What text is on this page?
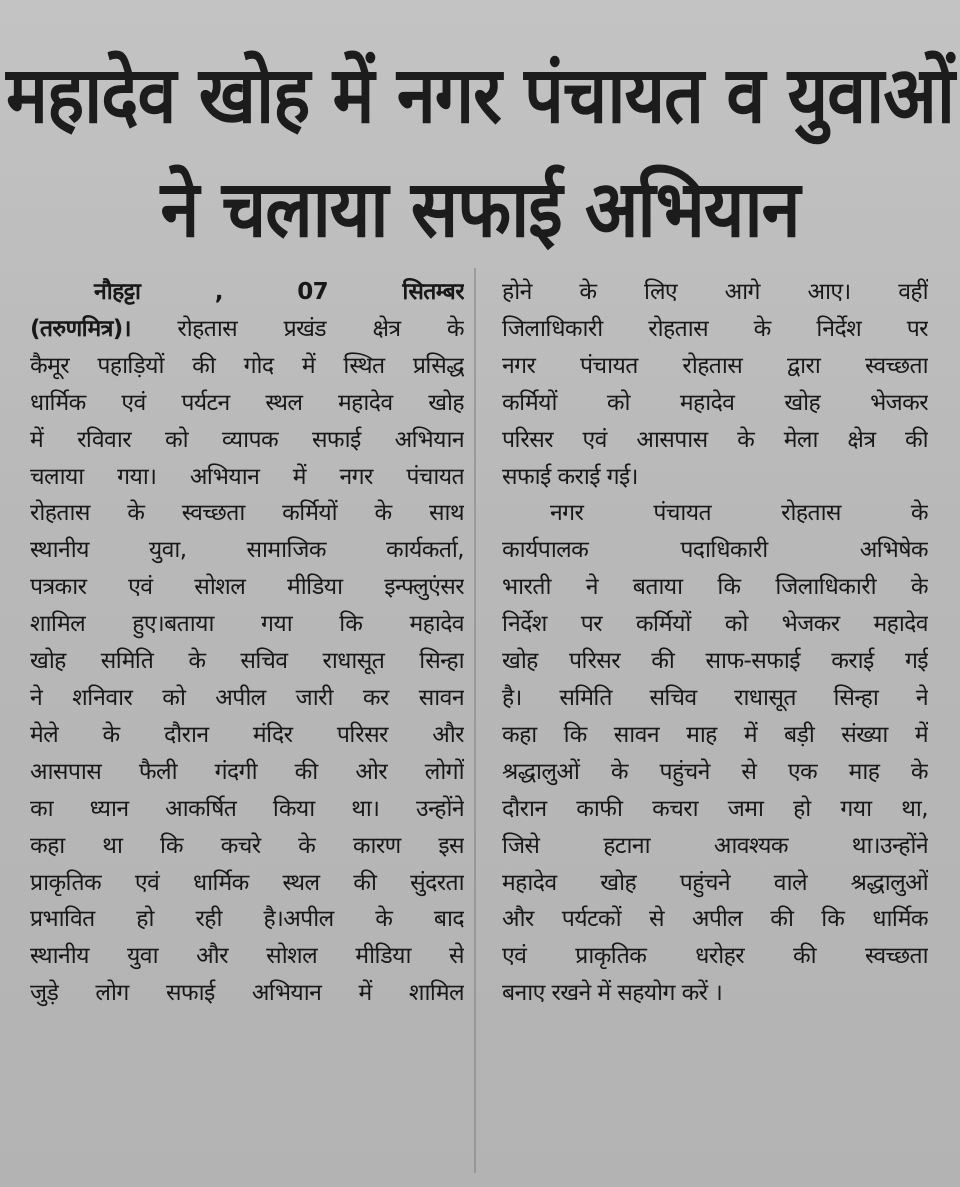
महादेव खोह में नगर पंचायत व युवाओं
ने चलाया सफाई अभियान
नौहट्टा , 07 सितम्बर
(तरुणमित्र)। रोहतास प्रखंड क्षेत्र के
कैमूर पहाड़ियों की गोद में स्थित प्रसिद्ध
धार्मिक एवं पर्यटन स्थल महादेव खोह
में रविवार को व्यापक सफाई अभियान
चलाया गया। अभियान में नगर पंचायत
रोहतास के स्वच्छता कर्मियों के साथ
स्थानीय युवा, सामाजिक कार्यकर्ता,
पत्रकार एवं सोशल मीडिया इन्फ्लुएंसर
शामिल हुए।बताया गया कि महादेव
खोह समिति के सचिव राधासूत सिन्हा
ने शनिवार को अपील जारी कर सावन
मेले के दौरान मंदिर परिसर और
आसपास फैली गंदगी की ओर लोगों
का ध्यान आकर्षित किया था। उन्होंने
कहा था कि कचरे के कारण इस
प्राकृतिक एवं धार्मिक स्थल की सुंदरता
प्रभावित हो रही है।अपील के बाद
स्थानीय युवा और सोशल मीडिया से
जुड़े लोग सफाई अभियान में शामिल
होने के लिए आगे आए। वहीं
जिलाधिकारी रोहतास के निर्देश पर
नगर पंचायत रोहतास द्वारा स्वच्छता
कर्मियों को महादेव खोह भेजकर
परिसर एवं आसपास के मेला क्षेत्र की
सफाई कराई गई।
नगर पंचायत रोहतास के
कार्यपालक पदाधिकारी अभिषेक
भारती ने बताया कि जिलाधिकारी के
निर्देश पर कर्मियों को भेजकर महादेव
खोह परिसर की साफ-सफाई कराई गई
है। समिति सचिव राधासूत सिन्हा ने
कहा कि सावन माह में बड़ी संख्या में
श्रद्धालुओं के पहुंचने से एक माह के
दौरान काफी कचरा जमा हो गया था,
जिसे हटाना आवश्यक था।उन्होंने
महादेव खोह पहुंचने वाले श्रद्धालुओं
और पर्यटकों से अपील की कि धार्मिक
एवं प्राकृतिक धरोहर की स्वच्छता
बनाए रखने में सहयोग करें ।
